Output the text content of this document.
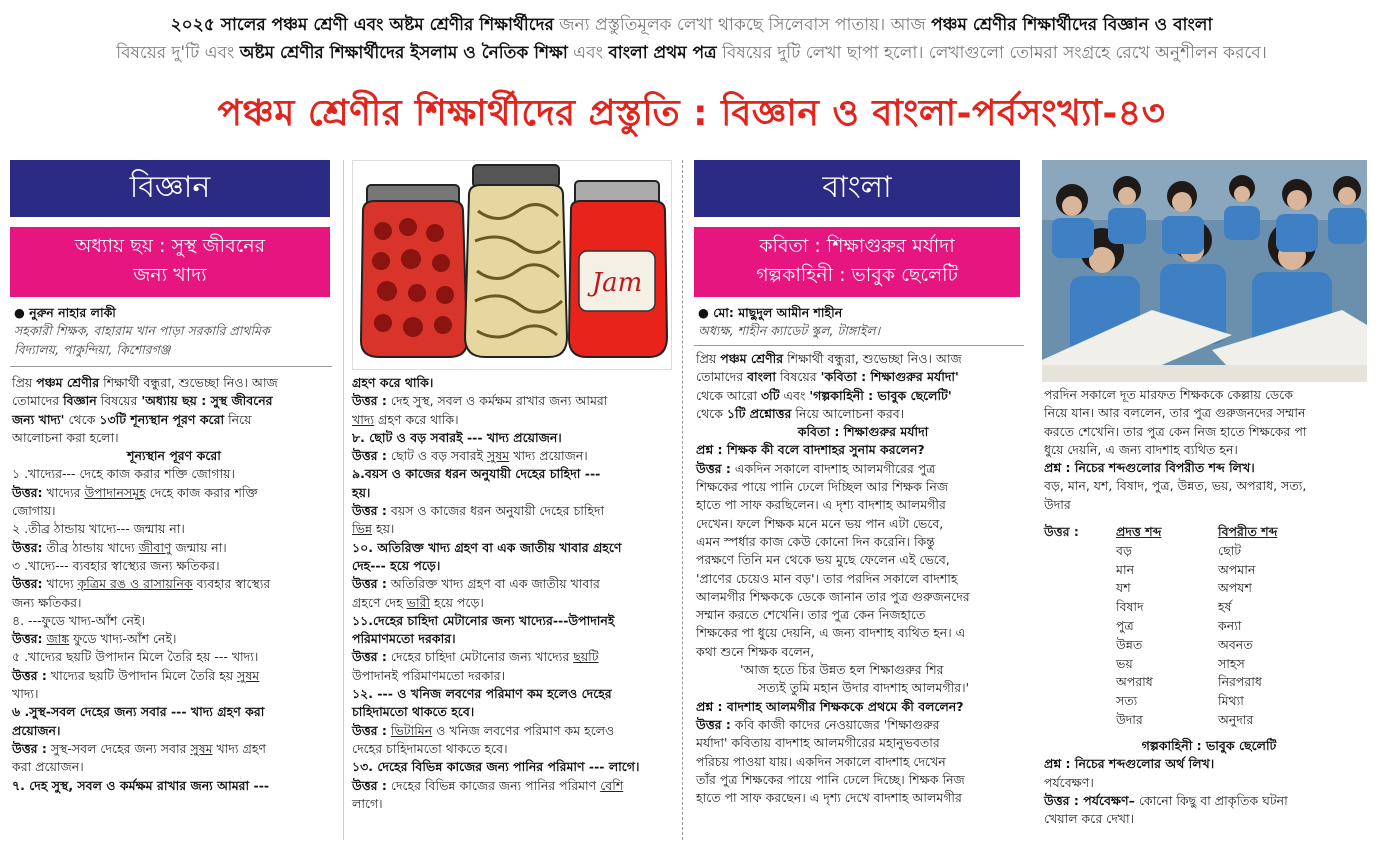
২০২৫ সালের পঞ্চম শ্রেণী এবং অষ্টম শ্রেণীর শিক্ষার্থীদের জন্য প্রস্তুতিমূলক লেখা থাকছে সিলেবাস পাতায়। আজ পঞ্চম শ্রেণীর শিক্ষার্থীদের বিজ্ঞান ও বাংলা
বিষয়ের দু'টি এবং অষ্টম শ্রেণীর শিক্ষার্থীদের ইসলাম ও নৈতিক শিক্ষা এবং বাংলা প্রথম পত্র বিষয়ের দুটি লেখা ছাপা হলো। লেখাগুলো তোমরা সংগ্রহে রেখে অনুশীলন করবে।
পঞ্চম শ্রেণীর শিক্ষার্থীদের প্রস্তুতি : বিজ্ঞান ও বাংলা-পর্বসংখ্যা-৪৩
বিজ্ঞান
অধ্যায় ছয় : সুস্থ জীবনের
জন্য খাদ্য

● নুরুন নাহার লাকী

সহকারী শিক্ষক, বাহারাম খান পাড়া সরকারি প্রাথমিক

বিদ্যালয়, পাকুন্দিয়া, কিশোরগঞ্জ

প্রিয় পঞ্চম শ্রেণীর শিক্ষার্থী বন্ধুরা, শুভেচ্ছা নিও। আজ
তোমাদের বিজ্ঞান বিষয়ের 'অধ্যায় ছয় : সুস্থ জীবনের
জন্য খাদ্য' থেকে ১৩টি শূন্যস্থান পূরণ করো নিয়ে
আলোচনা করা হলো।
শূন্যস্থান পূরণ করো
১ .খাদ্যের--- দেহে কাজ করার শক্তি জোগায়।
উত্তর: খাদ্যের উপাদানসমূহ দেহে কাজ করার শক্তি
জোগায়।
২ .তীব্র ঠান্ডায় খাদ্যে--- জন্মায় না।
উত্তর: তীব্র ঠান্ডায় খাদ্যে জীবাণু জন্মায় না।
৩ .খাদ্যে--- ব্যবহার স্বাস্থ্যের জন্য ক্ষতিকর।
উত্তর: খাদ্যে কৃত্রিম রঙ ও রাসায়নিক ব্যবহার স্বাস্থ্যের
জন্য ক্ষতিকর।
৪. ---ফুডে খাদ্য-আঁশ নেই।
উত্তর: জাঙ্ক ফুডে খাদ্য-আঁশ নেই।
৫ .খাদ্যের ছয়টি উপাদান মিলে তৈরি হয় --- খাদ্য।
উত্তর : খাদ্যের ছয়টি উপাদান মিলে তৈরি হয় সুষম
খাদ্য।
৬ .সুস্থ-সবল দেহের জন্য সবার --- খাদ্য গ্রহণ করা
প্রয়োজন।
উত্তর : সুস্থ-সবল দেহের জন্য সবার সুষম খাদ্য গ্রহণ
করা প্রয়োজন।
৭. দেহ সুস্থ, সবল ও কর্মক্ষম রাখার জন্য আমরা ---
Jam
গ্রহণ করে থাকি।
উত্তর : দেহ সুস্থ, সবল ও কর্মক্ষম রাখার জন্য আমরা
খাদ্য গ্রহণ করে থাকি।
৮. ছোট ও বড় সবারই --- খাদ্য প্রয়োজন।
উত্তর : ছোট ও বড় সবারই সুষম খাদ্য প্রয়োজন।
৯.বয়স ও কাজের ধরন অনুযায়ী দেহের চাহিদা ---
হয়।
উত্তর : বয়স ও কাজের ধরন অনুযায়ী দেহের চাহিদা
ভিন্ন হয়।
১০. অতিরিক্ত খাদ্য গ্রহণ বা এক জাতীয় খাবার গ্রহণে
দেহ--- হয়ে পড়ে।
উত্তর : অতিরিক্ত খাদ্য গ্রহণ বা এক জাতীয় খাবার
গ্রহণে দেহ ভারী হয়ে পড়ে।
১১.দেহের চাহিদা মেটানোর জন্য খাদ্যের---উপাদানই
পরিমাণমতো দরকার।
উত্তর : দেহের চাহিদা মেটানোর জন্য খাদ্যের ছয়টি
উপাদানই পরিমাণমতো দরকার।
১২. --- ও খনিজ লবণের পরিমাণ কম হলেও দেহের
চাহিদামতো থাকতে হবে।
উত্তর : ভিটামিন ও খনিজ লবণের পরিমাণ কম হলেও
দেহের চাহিদামতো থাকতে হবে।
১৩. দেহের বিভিন্ন কাজের জন্য পানির পরিমাণ --- লাগে।
উত্তর : দেহের বিভিন্ন কাজের জন্য পানির পরিমাণ বেশি
লাগে।
বাংলা
কবিতা : শিক্ষাগুরুর মর্যাদা
গল্পকাহিনী : ভাবুক ছেলেটি

● মো: মাছুদুল আমীন শাহীন

অধ্যক্ষ, শাহীন ক্যাডেট স্কুল, টাঙ্গাইল।

প্রিয় পঞ্চম শ্রেণীর শিক্ষার্থী বন্ধুরা, শুভেচ্ছা নিও। আজ
তোমাদের বাংলা বিষয়ের 'কবিতা : শিক্ষাগুরুর মর্যাদা'
থেকে আরো ৩টি এবং 'গল্পকাহিনী : ভাবুক ছেলেটি'
থেকে ১টি প্রশ্নোত্তর নিয়ে আলোচনা করব।
কবিতা : শিক্ষাগুরুর মর্যাদা
প্রশ্ন : শিক্ষক কী বলে বাদশাহর সুনাম করলেন?
উত্তর : একদিন সকালে বাদশাহ আলমগীরের পুত্র
শিক্ষকের পায়ে পানি ঢেলে দিচ্ছিল আর শিক্ষক নিজ
হাতে পা সাফ করছিলেন। এ দৃশ্য বাদশাহ আলমগীর
দেখেন। ফলে শিক্ষক মনে মনে ভয় পান এটা ভেবে,
এমন স্পর্ধার কাজ কেউ কোনো দিন করেনি। কিন্তু
পরক্ষণে তিনি মন থেকে ভয় মুছে ফেলেন এই ভেবে,
'প্রাণের চেয়েও মান বড়'। তার পরদিন সকালে বাদশাহ
আলমগীর শিক্ষককে ডেকে জানান তার পুত্র গুরুজনদের
সম্মান করতে শেখেনি। তার পুত্র কেন নিজহাতে
শিক্ষকের পা ধুয়ে দেয়নি, এ জন্য বাদশাহ ব্যথিত হন। এ
কথা শুনে শিক্ষক বলেন,
'আজ হতে চির উন্নত হল শিক্ষাগুরুর শির
সত্যই তুমি মহান উদার বাদশাহ আলমগীর।'
প্রশ্ন : বাদশাহ আলমগীর শিক্ষককে প্রথমে কী বললেন?
উত্তর : কবি কাজী কাদের নেওয়াজের 'শিক্ষাগুরুর
মর্যাদা' কবিতায় বাদশাহ আলমগীরের মহানুভবতার
পরিচয় পাওয়া যায়। একদিন সকালে বাদশাহ দেখেন
তাঁর পুত্র শিক্ষকের পায়ে পানি ঢেলে দিচ্ছে। শিক্ষক নিজ
হাতে পা সাফ করছেন। এ দৃশ্য দেখে বাদশাহ আলমগীর
পরদিন সকালে দূত মারফত শিক্ষককে কেল্লায় ডেকে
নিয়ে যান। আর বললেন, তার পুত্র গুরুজনদের সম্মান
করতে শেখেনি। তার পুত্র কেন নিজ হাতে শিক্ষকের পা
ধুয়ে দেয়নি, এ জন্য বাদশাহ ব্যথিত হন।
প্রশ্ন : নিচের শব্দগুলোর বিপরীত শব্দ লিখ।
বড়, মান, যশ, বিষাদ, পুত্র, উন্নত, ভয়, অপরাধ, সত্য,
উদার
উত্তর :	প্রদত্ত শব্দ	বিপরীত শব্দ
	বড়	ছোট
	মান	অপমান
	যশ	অপযশ
	বিষাদ	হর্ষ
	পুত্র	কন্যা
	উন্নত	অবনত
	ভয়	সাহস
	অপরাধ	নিরপরাধ
	সত্য	মিথ্যা
	উদার	অনুদার
গল্পকাহিনী : ভাবুক ছেলেটি
প্রশ্ন : নিচের শব্দগুলোর অর্থ লিখ।
পর্যবেক্ষণ।
উত্তর : পর্যবেক্ষণ– কোনো কিছু বা প্রাকৃতিক ঘটনা
খেয়াল করে দেখা।
